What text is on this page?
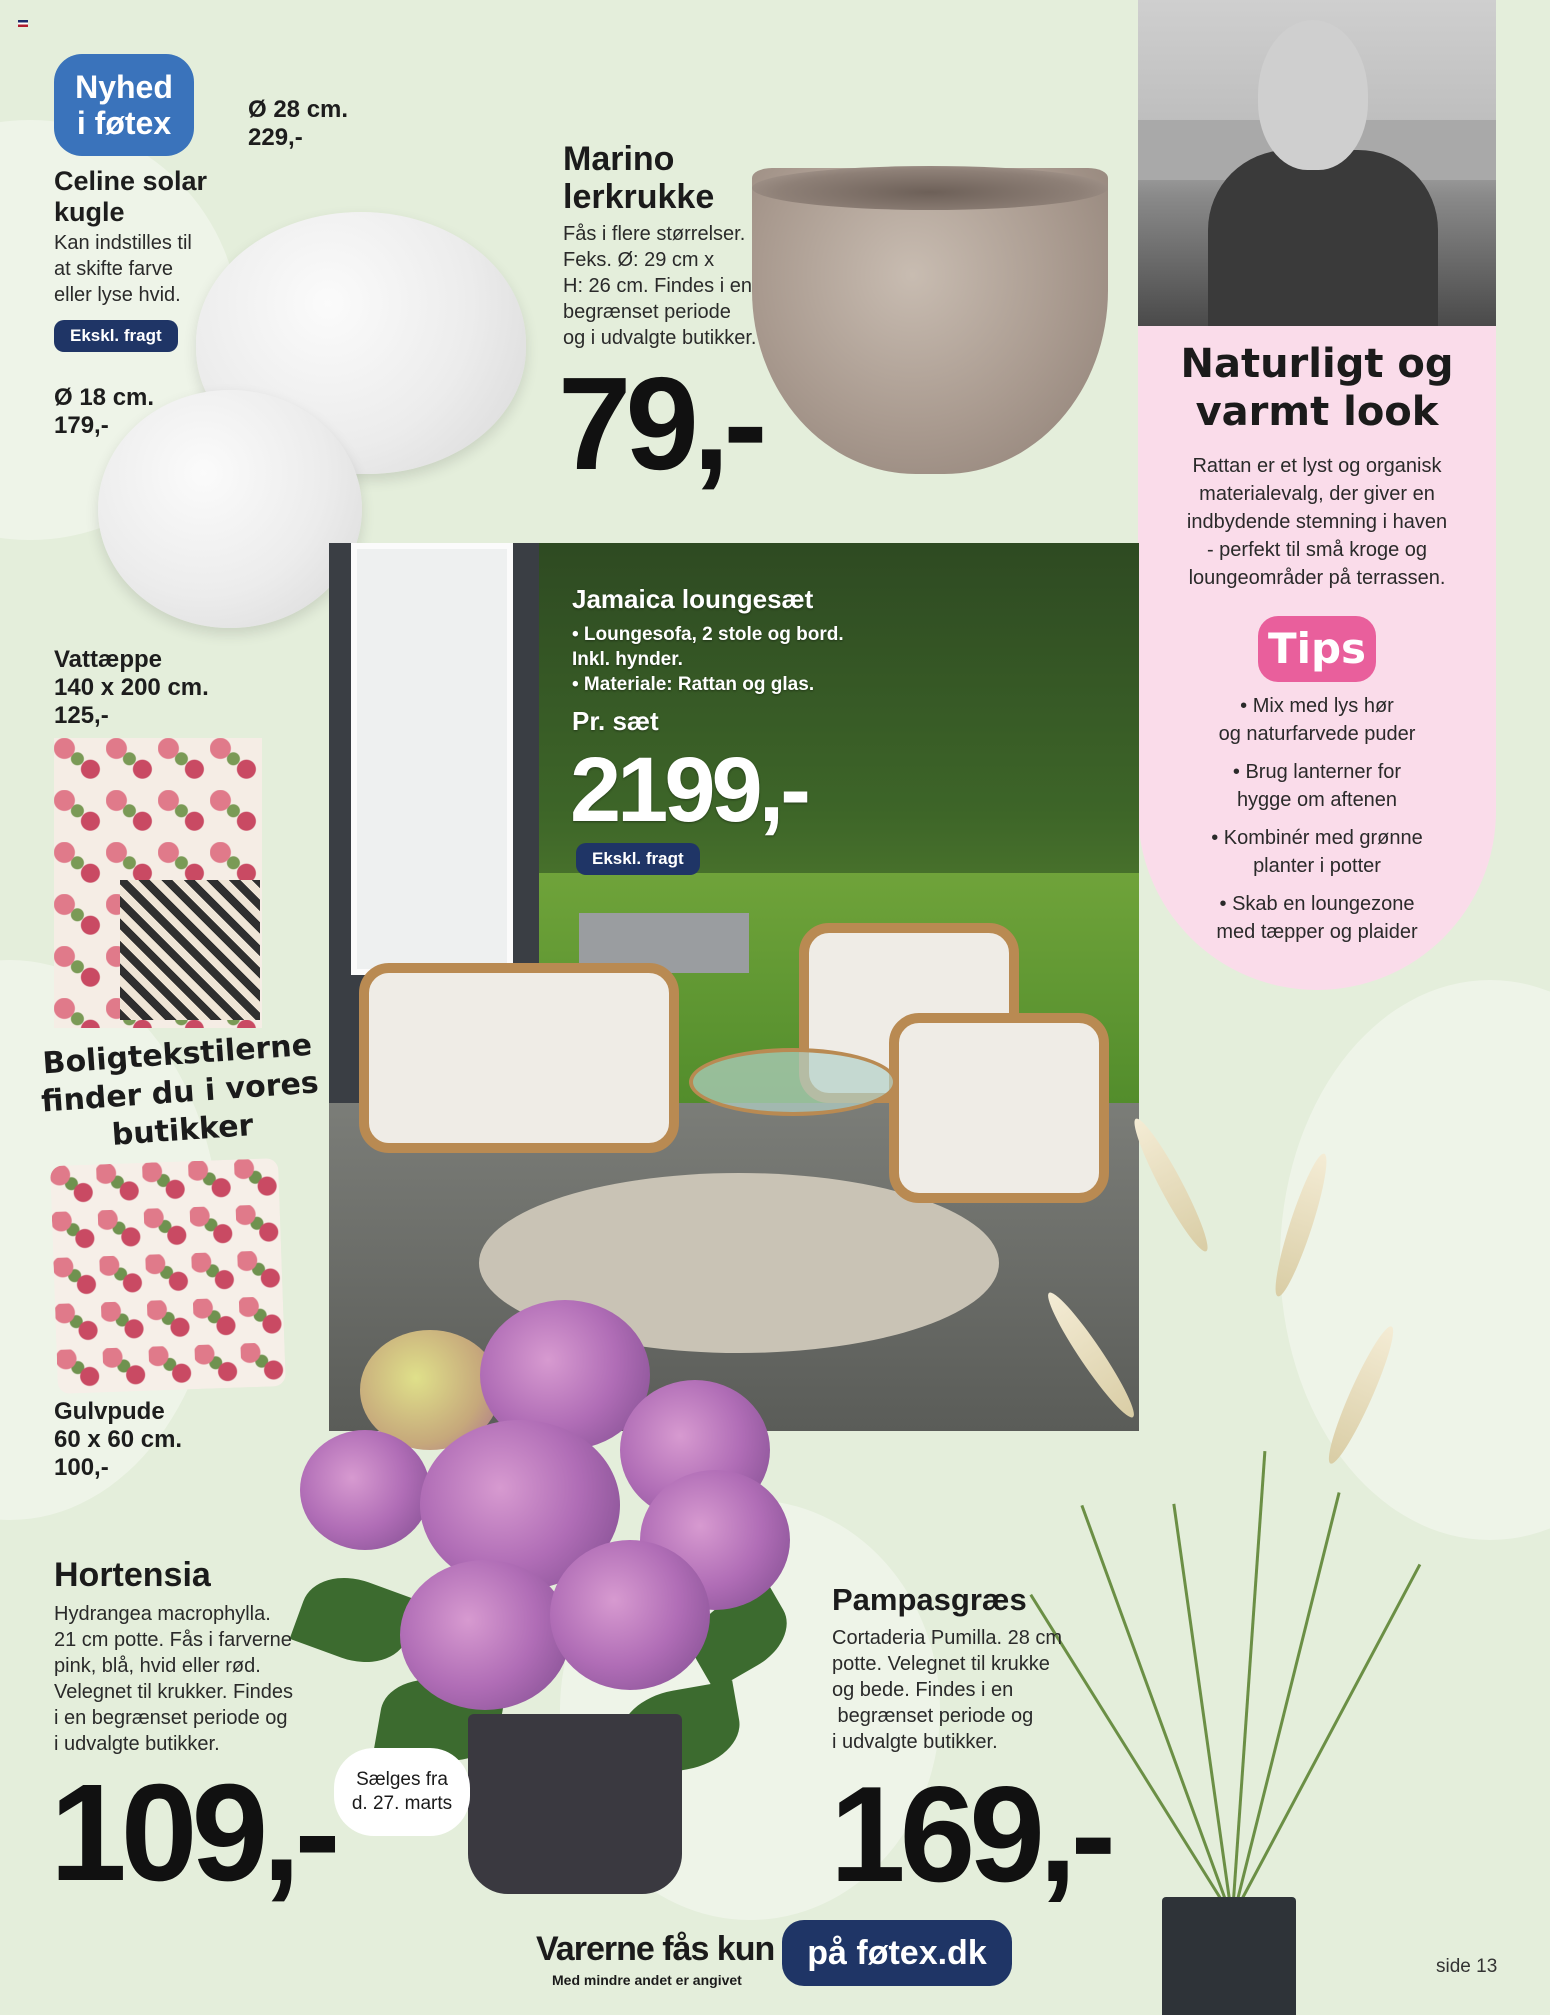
Nyhed
i føtex
Celine solar
kugle
Kan indstilles til
at skifte farve
eller lyse hvid.
Ekskl. fragt
Ø 28 cm.
229,-
Ø 18 cm.
179,-
Marino
lerkrukke
Fås i flere størrelser.
Feks. Ø: 29 cm x
H: 26 cm. Findes i en
begrænset periode
og i udvalgte butikker.
79,-	Naturligt og
varmt look
Rattan er et lyst og organisk
materialevalg, der giver en
indbydende stemning i haven
- perfekt til små kroge og
loungeområder på terrassen.
Tips
• Mix med lys hør
og naturfarvede puder
• Brug lanterner for
hygge om aftenen
• Kombinér med grønne
planter i potter
• Skab en loungezone
med tæpper og plaider
Jamaica loungesæt
• Loungesofa, 2 stole og bord.
Inkl. hynder.
• Materiale: Rattan og glas.
Pr. sæt
2199,-
Ekskl. fragt
Vattæppe
140 x 200 cm.
125,-
Boligtekstilerne
finder du i vores
butikker
Gulvpude
60 x 60 cm.
100,-
Sælges fra
d. 27. marts
Hortensia
Hydrangea macrophylla.
21 cm potte. Fås i farverne
pink, blå, hvid eller rød.
Velegnet til krukker. Findes
i en begrænset periode og
i udvalgte butikker.
109,-
Pampasgræs
Cortaderia Pumilla. 28 cm
potte. Velegnet til krukke
og bede. Findes i en
begrænset periode og
i udvalgte butikker.
169,-
Varerne fås kun på føtex.dk
Med mindre andet er angivet
side 13
